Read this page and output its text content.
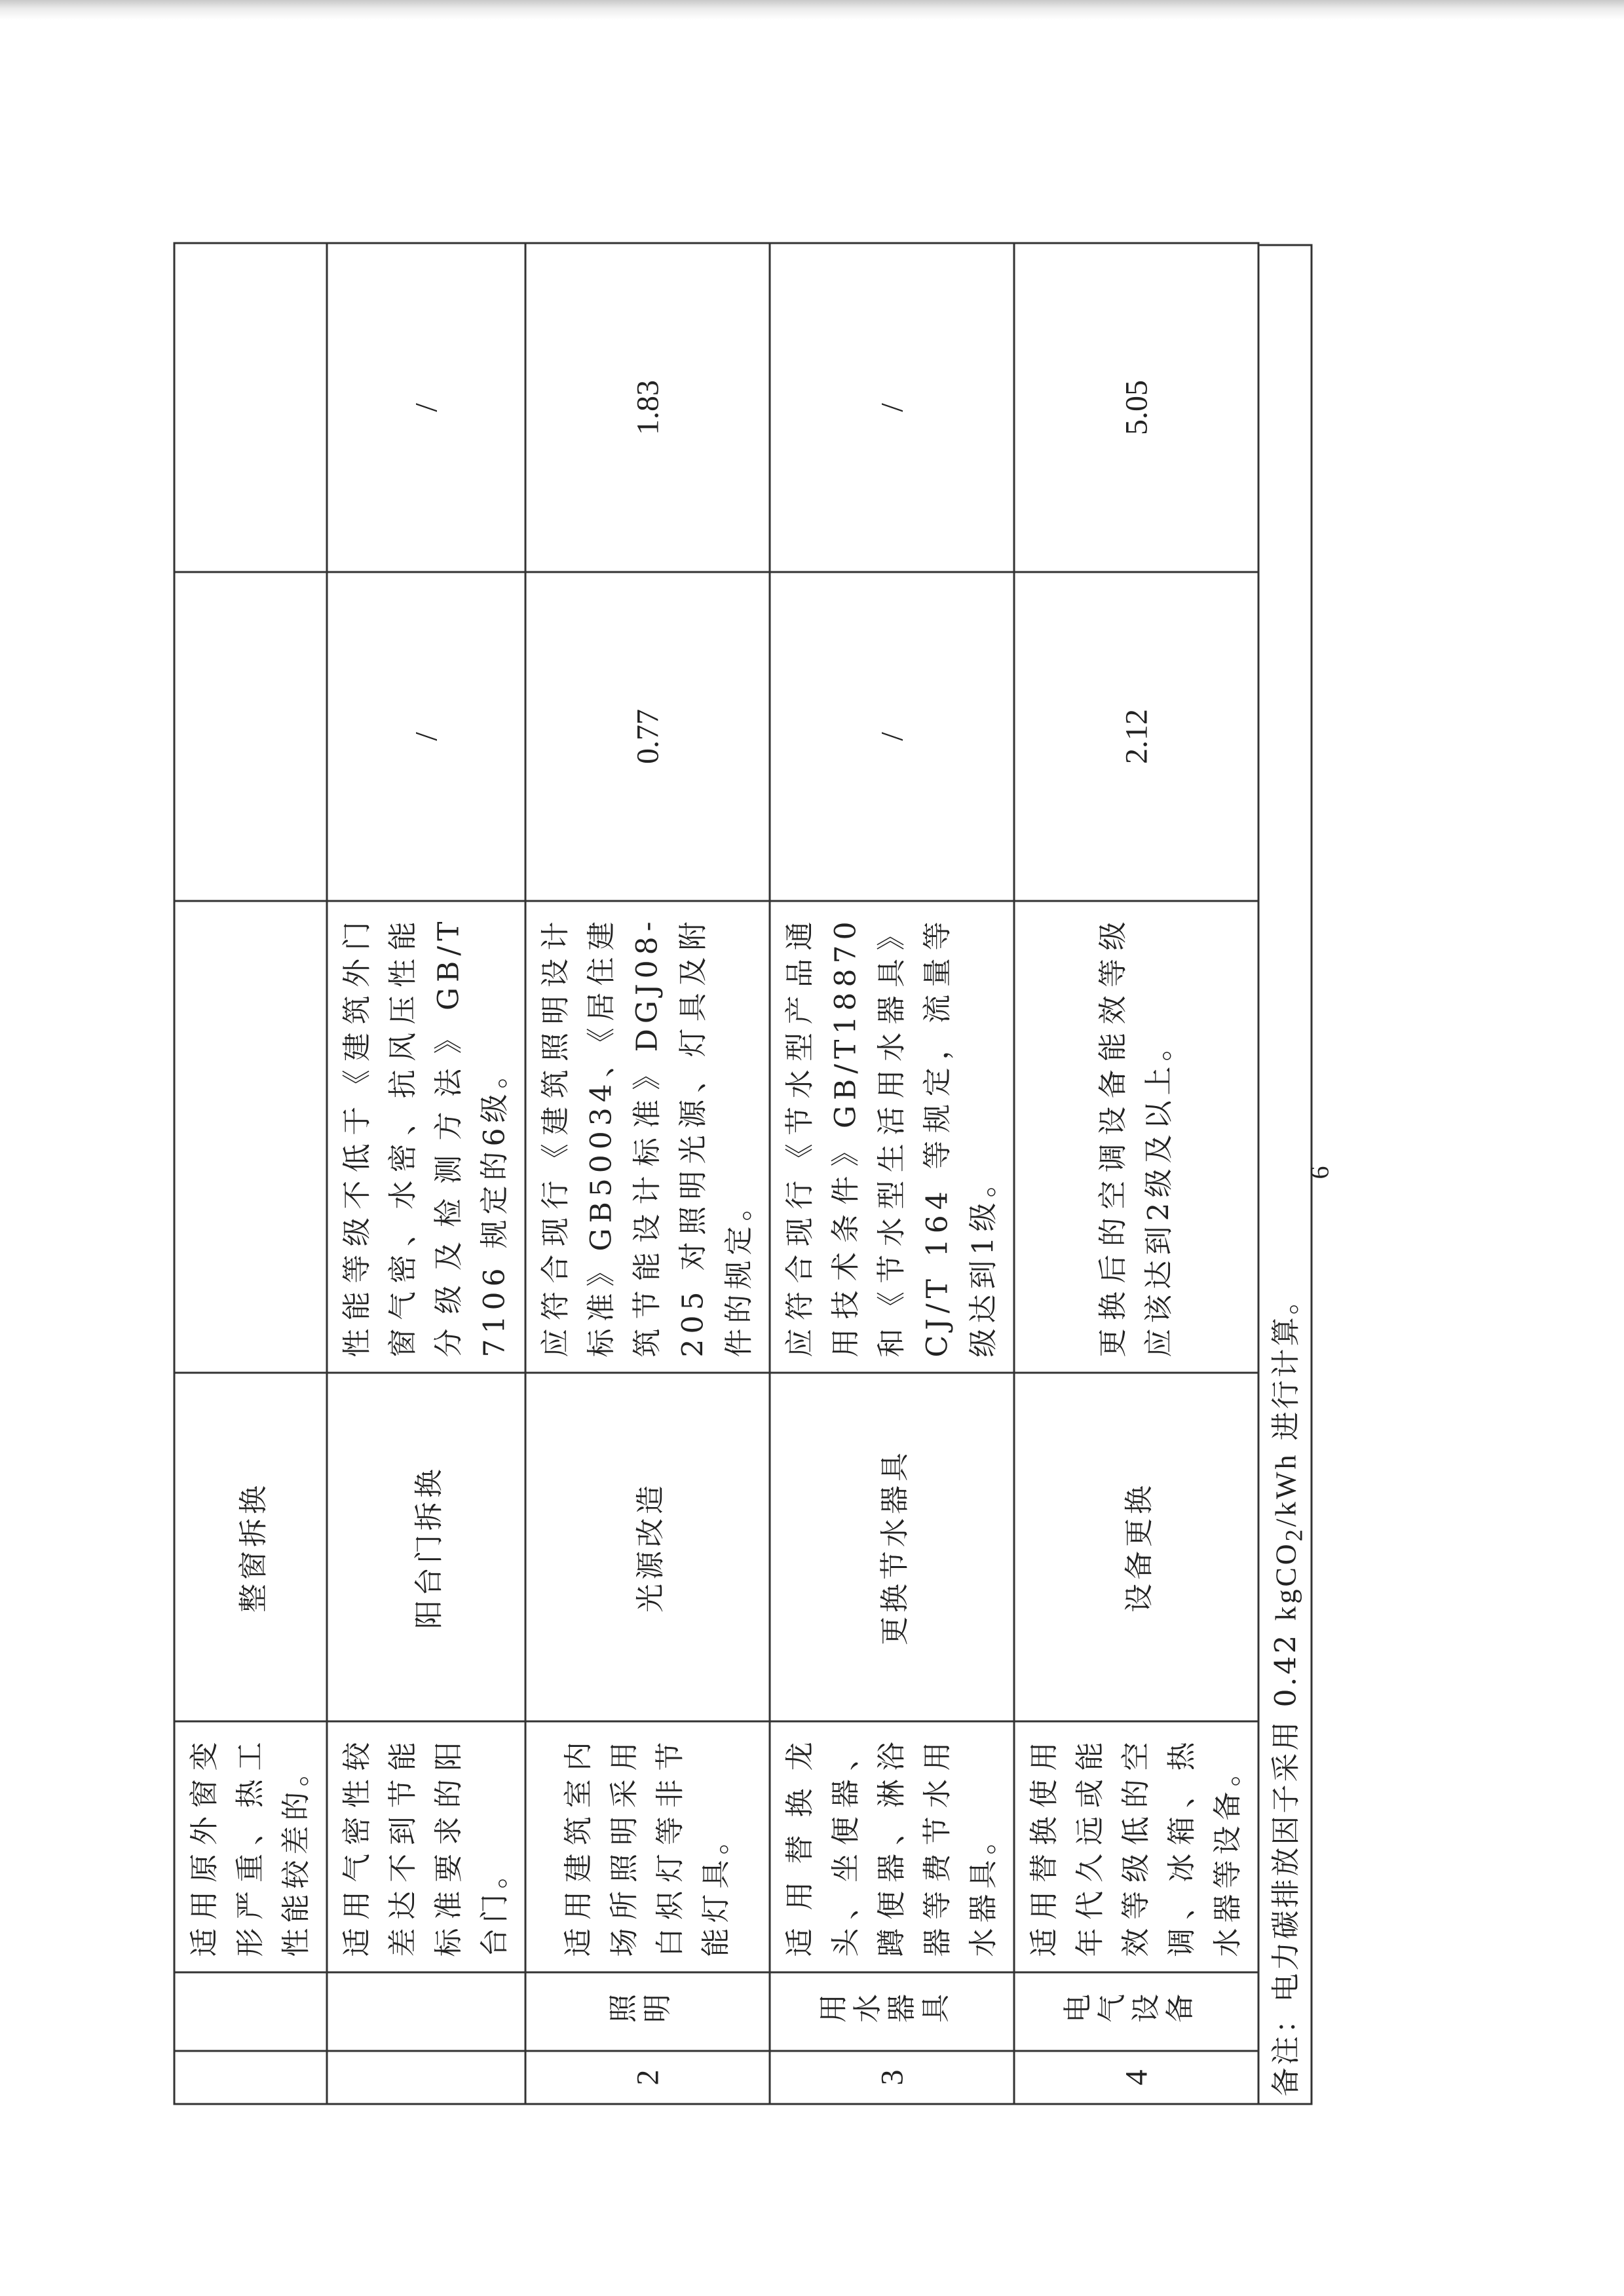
		适用原外窗变形严重、热工性能较差的。	整窗拆换			
		适用气密性较差达不到节能标准要求的阳台门。	阳台门拆换	性能等级不低于《建筑外门窗气密、水密、抗风压性能分级及检测方法》GB/T 7106 规定的6级。	/	/
2	照明	适用建筑室内场所照明采用白炽灯等非节能灯具。	光源改造	应符合现行《建筑照明设计标准》GB50034、《居住建筑节能设计标准》DGJ08-205 对照明光源、灯具及附件的规定。	0.77	1.83
3	用水器具	适用替换龙头、坐便器、蹲便器、淋浴器等费节水用水器具。	更换节水器具	应符合现行《节水型产品通用技术条件》GB/T18870 和《节水型生活用水器具》CJ/T 164 等规定，流量等级达到1级。	/	/
4	电气设备	适用替换使用年代久远或能效等级低的空调、冰箱、热水器等设备。	设备更换	更换后的空调设备能效等级应该达到2级及以上。	2.12	5.05
备注：电力碳排放因子采用 0.42 kgCO$_2$/kWh 进行计算。
6
